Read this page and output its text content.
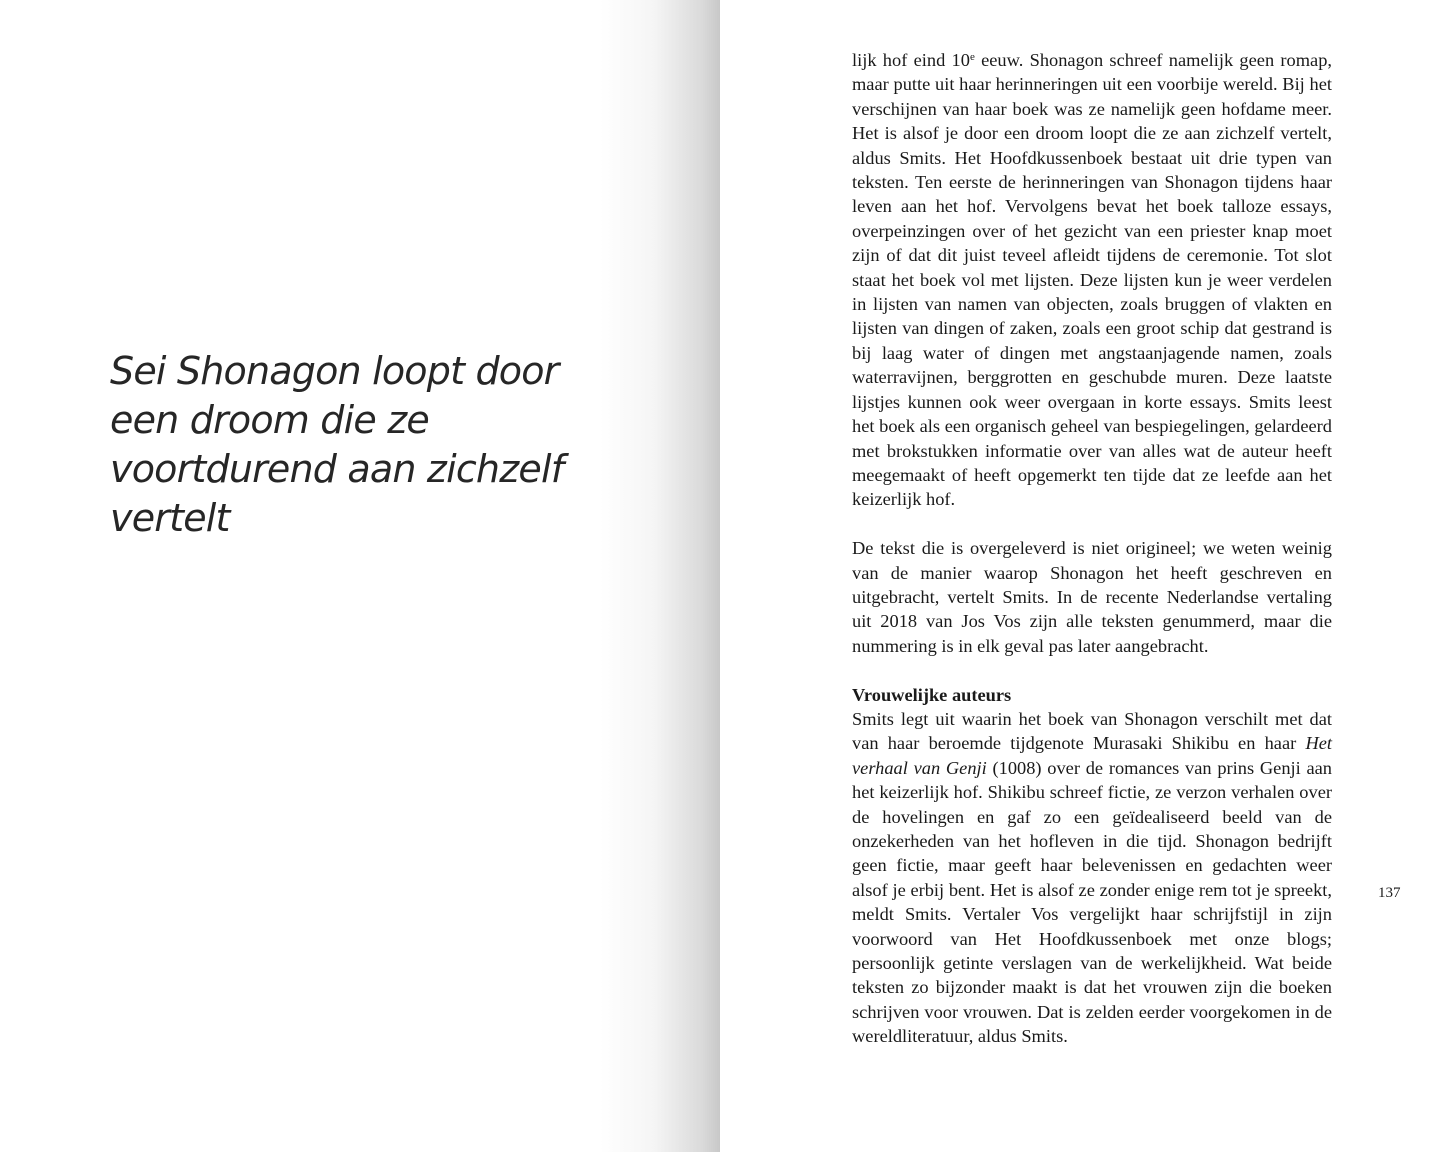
Sei Shonagon loopt door een droom die ze voortdurend aan zichzelf vertelt

lijk hof eind 10e eeuw. Shonagon schreef namelijk geen romap, maar putte uit haar herinneringen uit een voorbije wereld. Bij het verschijnen van haar boek was ze namelijk geen hofdame meer. Het is alsof je door een droom loopt die ze aan zichzelf vertelt, aldus Smits. Het Hoofdkussenboek bestaat uit drie typen van teksten. Ten eerste de herinneringen van Shonagon tijdens haar leven aan het hof. Vervolgens bevat het boek talloze essays, overpeinzingen over of het gezicht van een priester knap moet zijn of dat dit juist teveel afleidt tijdens de ceremonie. Tot slot staat het boek vol met lijsten. Deze lijsten kun je weer verdelen in lijsten van namen van objecten, zoals bruggen of vlakten en lijsten van dingen of zaken, zoals een groot schip dat gestrand is bij laag water of dingen met angstaanjagende namen, zoals waterravijnen, berggrotten en geschubde muren. Deze laatste lijstjes kunnen ook weer overgaan in korte essays. Smits leest het boek als een organisch geheel van bespiegelingen, gelardeerd met brokstukken informatie over van alles wat de auteur heeft meegemaakt of heeft opgemerkt ten tijde dat ze leefde aan het keizerlijk hof.

De tekst die is overgeleverd is niet origineel; we weten weinig van de manier waarop Shonagon het heeft geschreven en uitgebracht, vertelt Smits. In de recente Nederlandse vertaling uit 2018 van Jos Vos zijn alle teksten genummerd, maar die nummering is in elk geval pas later aangebracht.

Vrouwelijke auteurs

Smits legt uit waarin het boek van Shonagon verschilt met dat van haar beroemde tijdgenote Murasaki Shikibu en haar Het verhaal van Genji (1008) over de romances van prins Genji aan het keizerlijk hof. Shikibu schreef fictie, ze verzon verhalen over de hovelingen en gaf zo een geïdealiseerd beeld van de onzekerheden van het hofleven in die tijd. Shonagon bedrijft geen fictie, maar geeft haar belevenissen en gedachten weer alsof je erbij bent. Het is alsof ze zonder enige rem tot je spreekt, meldt Smits. Vertaler Vos vergelijkt haar schrijfstijl in zijn voorwoord van Het Hoofdkussenboek met onze blogs; persoonlijk getinte verslagen van de werkelijkheid. Wat beide teksten zo bijzonder maakt is dat het vrouwen zijn die boeken schrijven voor vrouwen. Dat is zelden eerder voorgekomen in de wereldliteratuur, aldus Smits.

137
